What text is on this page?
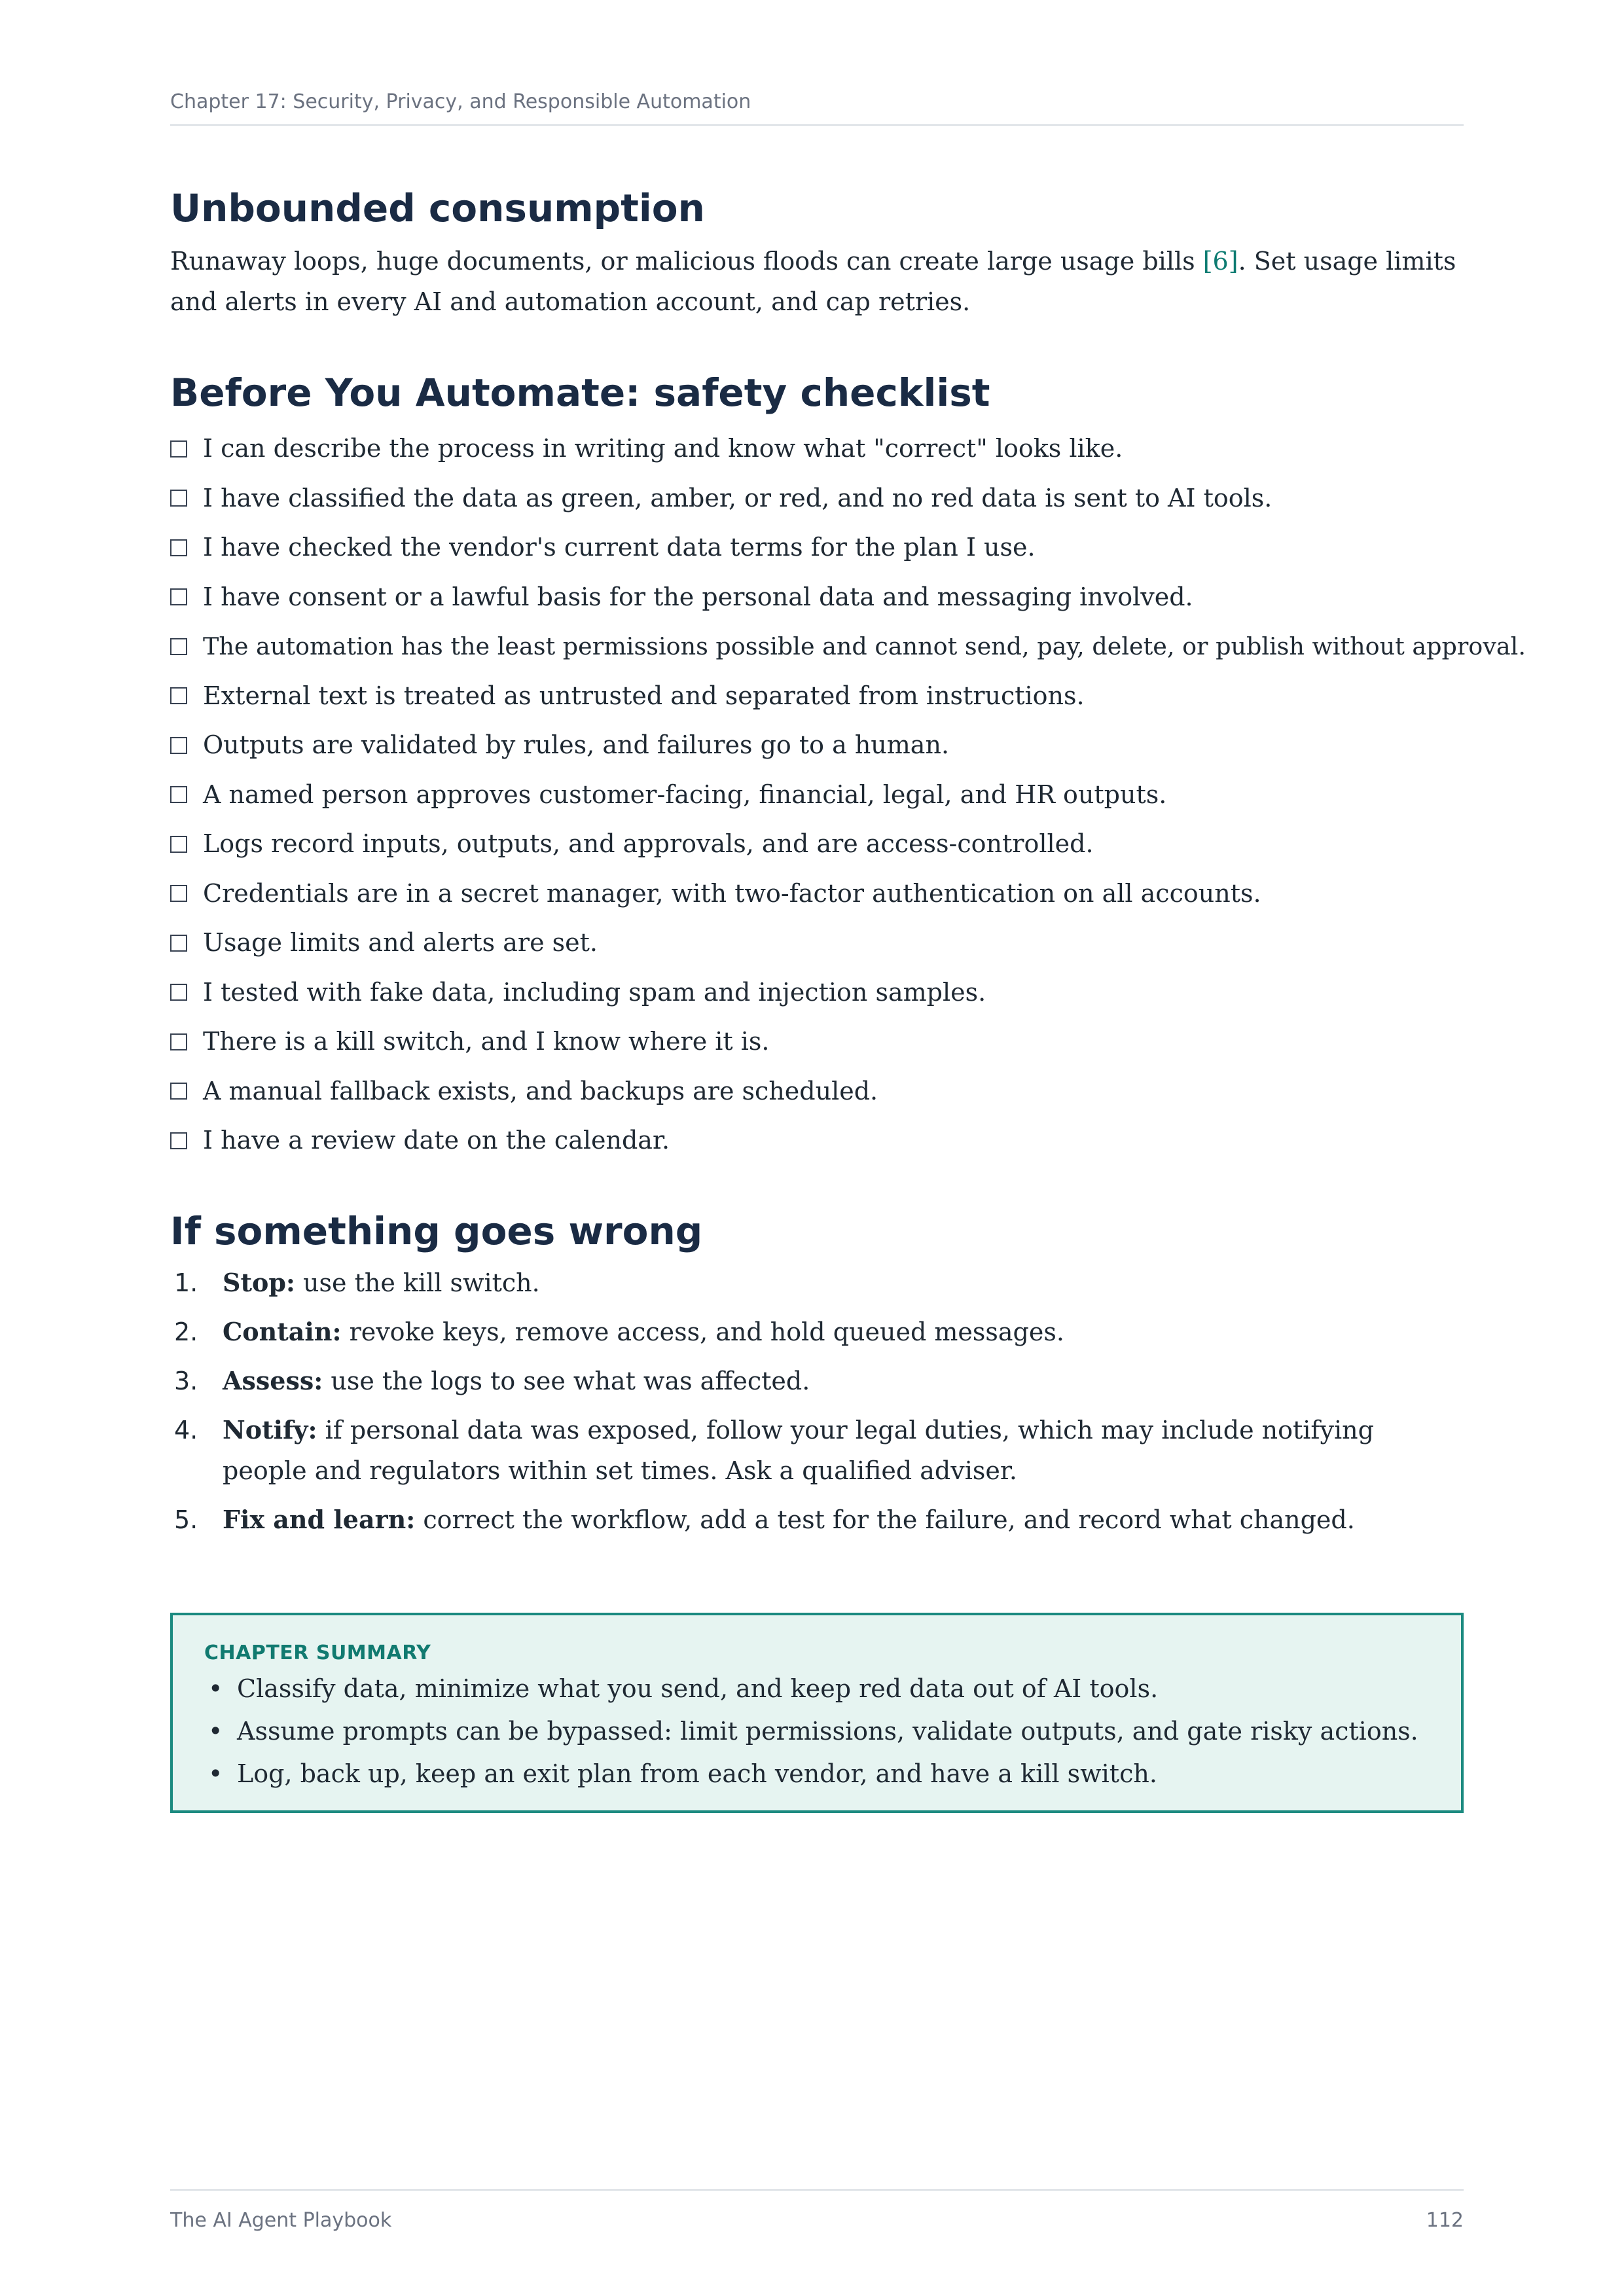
Chapter 17: Security, Privacy, and Responsible Automation
Unbounded consumption

Runaway loops, huge documents, or malicious floods can create large usage bills [6]. Set usage limits and alerts in every AI and automation account, and cap retries.

Before You Automate: safety checklist
I can describe the process in writing and know what "correct" looks like.
I have classified the data as green, amber, or red, and no red data is sent to AI tools.
I have checked the vendor's current data terms for the plan I use.
I have consent or a lawful basis for the personal data and messaging involved.
The automation has the least permissions possible and cannot send, pay, delete, or publish without approval.
External text is treated as untrusted and separated from instructions.
Outputs are validated by rules, and failures go to a human.
A named person approves customer-facing, financial, legal, and HR outputs.
Logs record inputs, outputs, and approvals, and are access-controlled.
Credentials are in a secret manager, with two-factor authentication on all accounts.
Usage limits and alerts are set.
I tested with fake data, including spam and injection samples.
There is a kill switch, and I know where it is.
A manual fallback exists, and backups are scheduled.
I have a review date on the calendar.
If something goes wrong
1. Stop: use the kill switch.
2. Contain: revoke keys, remove access, and hold queued messages.
3. Assess: use the logs to see what was affected.
4. Notify: if personal data was exposed, follow your legal duties, which may include notifying people and regulators within set times. Ask a qualified adviser.
5. Fix and learn: correct the workflow, add a test for the failure, and record what changed.
CHAPTER SUMMARY
• Classify data, minimize what you send, and keep red data out of AI tools.
• Assume prompts can be bypassed: limit permissions, validate outputs, and gate risky actions.
• Log, back up, keep an exit plan from each vendor, and have a kill switch.
The AI Agent Playbook	112
